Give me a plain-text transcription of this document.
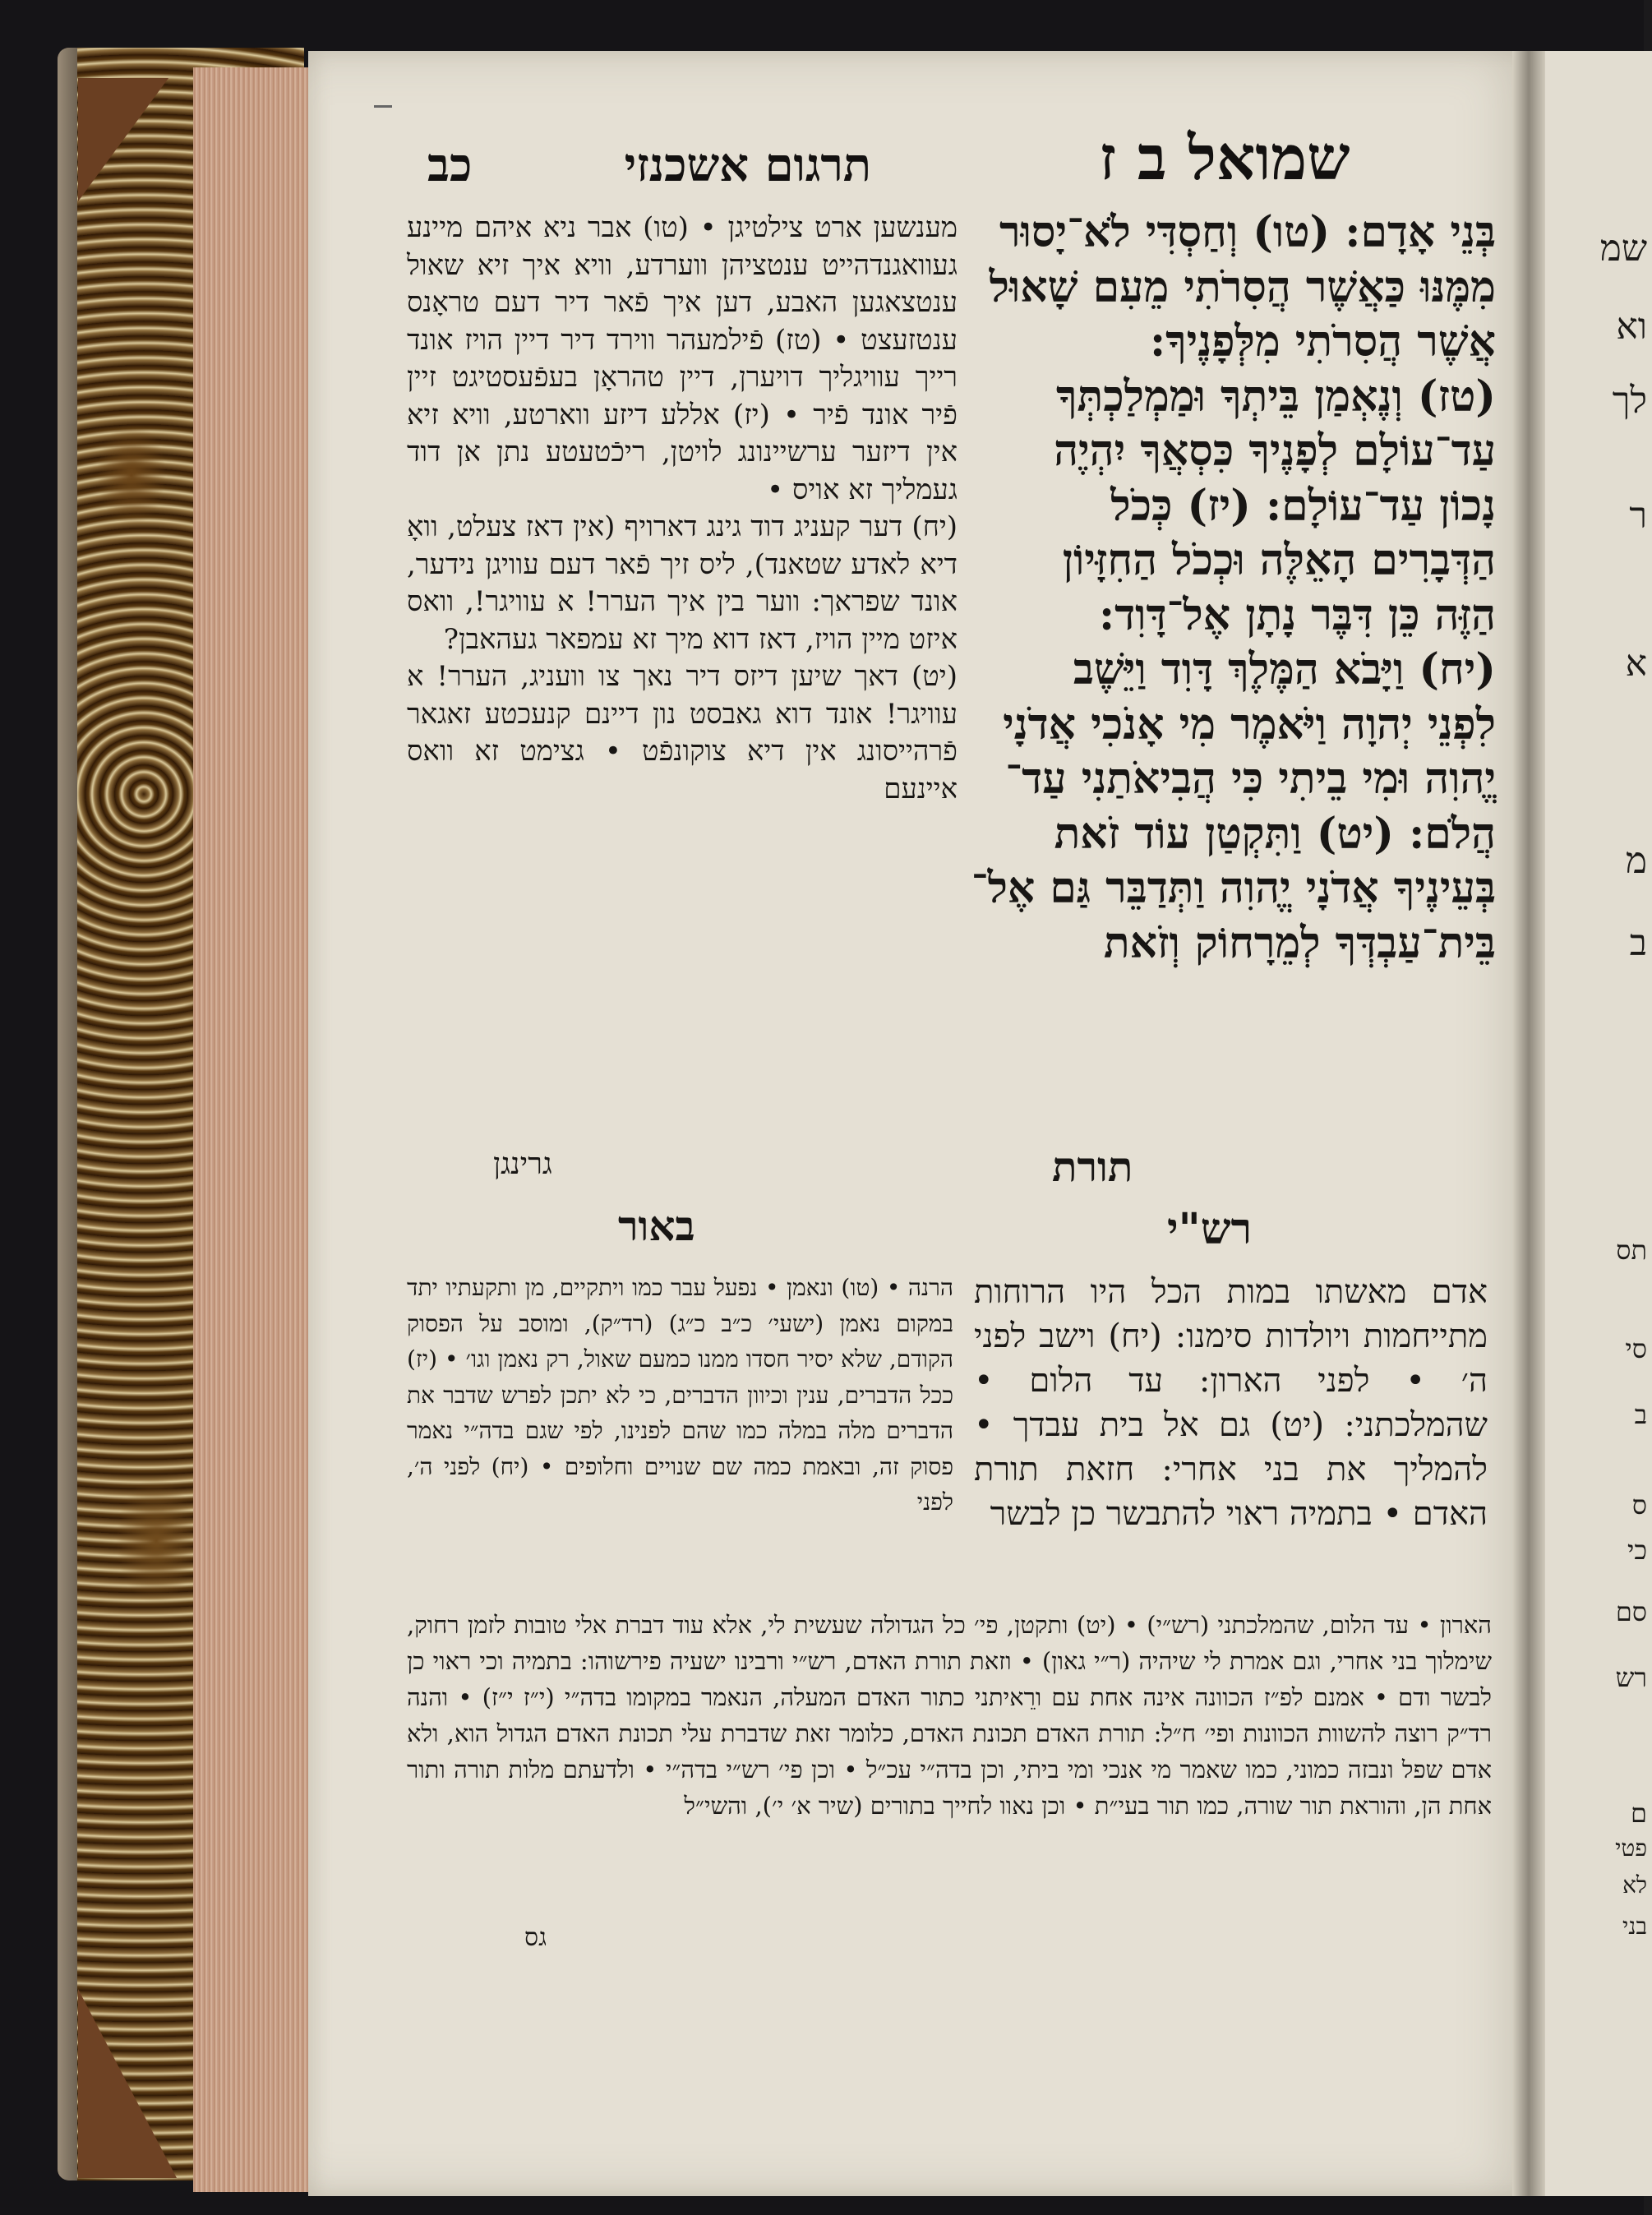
שמואל ב ז
תרגום אשכנזי
כב

בְּנֵי אָדָם: (טו) וְחַסְדִּי לֹא־יָסוּר

מִמֶּנּוּ כַּאֲשֶׁר הֲסִרֹתִי מֵעִם שָׁאוּל

אֲשֶׁר הֲסִרֹתִי מִלְּפָנֶיךָ:

(טז) וְנֶאְמַן בֵּיתְךָ וּמַמְלַכְתְּךָ

עַד־עוֹלָם לְפָנֶיךָ כִּסְאֲךָ יִהְיֶה

נָכוֹן עַד־עוֹלָם: (יז) כְּכֹל

הַדְּבָרִים הָאֵלֶּה וּכְכֹל הַחִזָּיוֹן

הַזֶּה כֵּן דִּבֶּר נָתָן אֶל־דָּוִד:

(יח) וַיָּבֹא הַמֶּלֶךְ דָּוִד וַיֵּשֶׁב

לִפְנֵי יְהוָה וַיֹּאמֶר מִי אָנֹכִי אֲדֹנָי

יֱהוִה וּמִי בֵיתִי כִּי הֲבִיאֹתַנִי עַד־

הֲלֹם: (יט) וַתִּקְטַן עוֹד זֹאת

בְּעֵינֶיךָ אֲדֹנָי יֱהוִה וַתְּדַבֵּר גַּם אֶל־

בֵּית־עַבְדְּךָ לְמֵרָחוֹק וְזֹאת

תורת
רש"י
אדם מאשתו במות הכל היו הרוחות מתייחמות ויולדות סימנו: (יח) וישב לפני ה׳ • לפני הארון: עד הלום • שהמלכתני: (יט) גם אל בית עבדך • להמליך את בני אחרי: חזאת תורת האדם • בתמיה ראוי להתבשר כן לבשר

מענשען ארט צילטיגן • (טו) אבר ניא איהם מיינע געוואגנדהייט ענטציהן ווערדע, וויא איך זיא שאול ענטצאגען האבע, דען איך פֿאר דיר דעם טראָנס ענטזעצט • (טז) פֿילמעהר ווירד דיר דיין הויז אונד רייך עוויגליך דויערן, דיין טהראָן בעפֿעסטיגט זיין פֿיר אונד פֿיר • (יז) אללע דיזע ווארטע, וויא זיא אין דיזער ערשיינונג לויטן, ריכֿטעטע נתן אן דוד געמליך זא אויס •

(יח) דער קעניג דוד גינג דארויף (אין דאז צעלט, וואָ דיא לאדע שטאנד), ליס זיך פֿאר דעם עוויגן נידער, אונד שפראך: ווער בין איך הערר! א עוויגר!, וואס איזט מיין הויז, דאז דוא מיך זא עמפאר געהאבן?

(יט) דאך שיען דיזס דיר נאך צו וועניג, הערר! א עוויגר! אונד דוא גאבסט נון דיינם קנעכטע זאגאר פֿרהייסונג אין דיא צוקונפֿט • גצימט זא וואס איינעם

גרינגן
באור
הרנה • (טו) ונאמן • נפעל עבר כמו ויתקיים, מן ותקעתיו יתד במקום נאמן (ישעי׳ כ״ב כ״ג) (רד״ק), ומוסב על הפסוק הקודם, שלא יסיר חסדו ממנו כמעם שאול, רק נאמן וגו׳ • (יז) ככל הדברים, ענין וכיוון הדברים, כי לא יתכן לפרש שדבר את הדברים מלה במלה כמו שהם לפנינו, לפי שגם בדה״י נאמר פסוק זה, ובאמת כמה שם שנויים וחלופים • (יח) לפני ה׳, לפני
הארון • עד הלום, שהמלכתני (רש״י) • (יט) ותקטן, פי׳ כל הגדולה שעשית לי, אלא עוד דברת אלי טובות לזמן רחוק, שימלוך בני אחרי, וגם אמרת לי שיהיה (ר״י גאון) • וזאת תורת האדם, רש״י ורבינו ישעיה פירשוהו: בתמיה וכי ראוי כן לבשר ודם • אמנם לפ״ז הכוונה אינה אחת עם ורֵאיתני כתור האדם המעלה, הנאמר במקומו בדה״י (י״ז י״ז) • והנה רד״ק רוצה להשוות הכוונות ופי׳ ח״ל: תורת האדם תכונת האדם, כלומר זאת שדברת עלי תכונת האדם הגדול הוא, ולא אדם שפל ונבזה כמוני, כמו שאמר מי אנכי ומי ביתי, וכן בדה״י עכ״ל • וכן פי׳ רש״י בדה״י • ולדעתם מלות תורה ותור אחת הן, והוראת תור שורה, כמו תור בעי״ת • וכן נאוו לחייך בתורים (שיר א׳ י׳), והשי״ל
גס
שמ
וא
לך
ר
א
מ
ב
תס
סי
ב
ס
כי
סם
רש
ם
פטי
לא
בני
